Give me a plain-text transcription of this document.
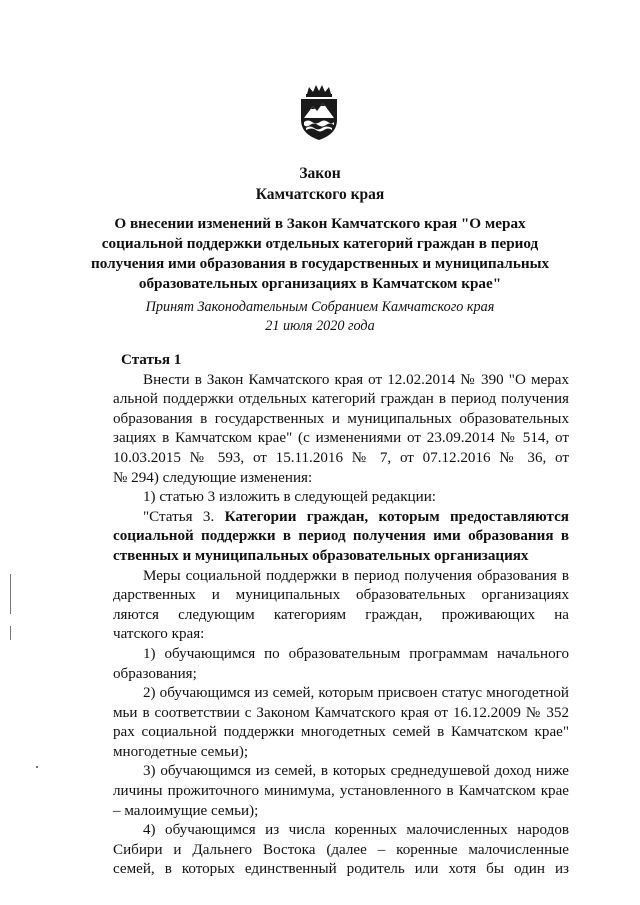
Закон
Камчатского края
О внесении изменений в Закон Камчатского края "О мерах
социальной поддержки отдельных категорий граждан в период
получения ими образования в государственных и муниципальных
образовательных организациях в Камчатском крае"
Принят Законодательным Собранием Камчатского края
21 июля 2020 года
Статья 1
Внести в Закон Камчатского края от 12.02.2014 № 390 "О мерах
альной поддержки отдельных категорий граждан в период получения
образования в государственных и муниципальных образовательных
зациях в Камчатском крае" (с изменениями от 23.09.2014 № 514, от
10.03.2015 № 593, от 15.11.2016 № 7, от 07.12.2016 № 36, от
№ 294) следующие изменения:
1) статью 3 изложить в следующей редакции:
"Статья 3. Категории граждан, которым предоставляются
социальной поддержки в период получения ими образования в
ственных и муниципальных образовательных организациях
Меры социальной поддержки в период получения образования в
дарственных и муниципальных образовательных организациях
ляются следующим категориям граждан, проживающих на
чатского края:
1) обучающимся по образовательным программам начального
образования;
2) обучающимся из семей, которым присвоен статус многодетной
мьи в соответствии с Законом Камчатского края от 16.12.2009 № 352
рах социальной поддержки многодетных семей в Камчатском крае"
многодетные семьи);
3) обучающимся из семей, в которых среднедушевой доход ниже
личины прожиточного минимума, установленного в Камчатском крае
– малоимущие семьи);
4) обучающимся из числа коренных малочисленных народов
Сибири и Дальнего Востока (далее – коренные малочисленные
семей, в которых единственный родитель или хотя бы один из
